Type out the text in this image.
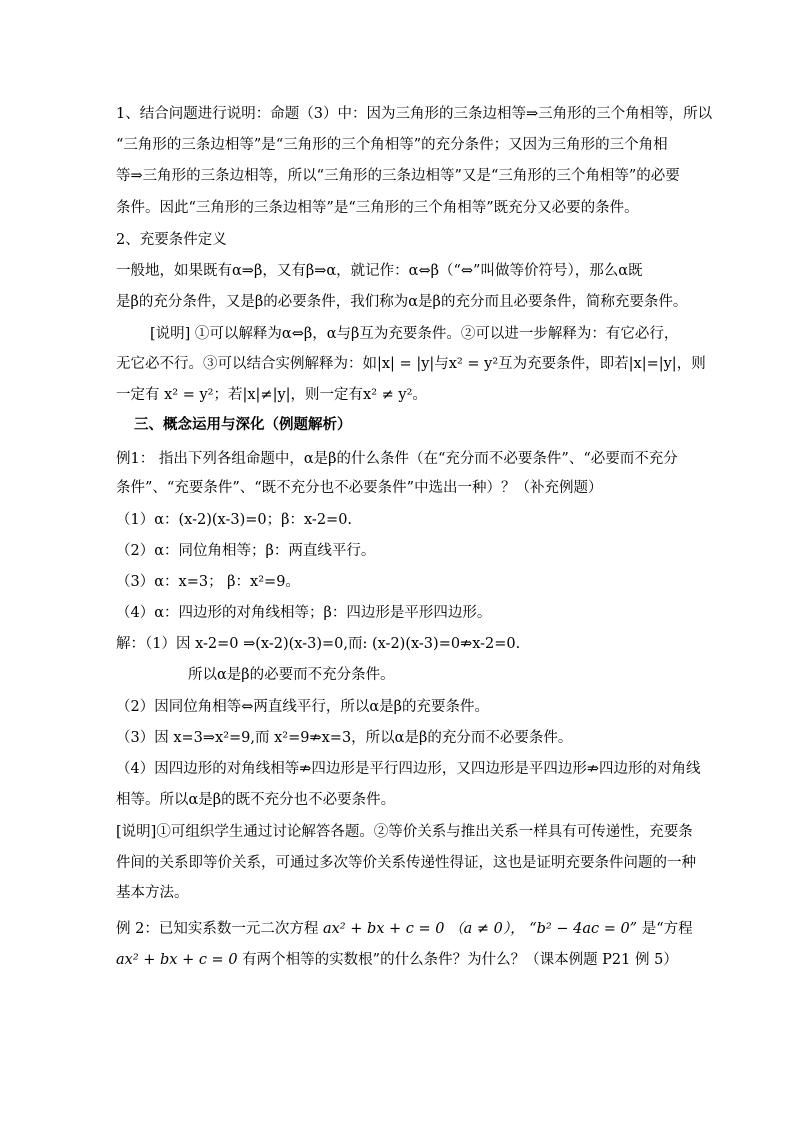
1、结合问题进行说明：命题（3）中：因为三角形的三条边相等⇒三角形的三个角相等，所以
“三角形的三条边相等”是“三角形的三个角相等”的充分条件；又因为三角形的三个角相
等⇒三角形的三条边相等，所以“三角形的三条边相等”又是“三角形的三个角相等”的必要
条件。因此“三角形的三条边相等”是“三角形的三个角相等”既充分又必要的条件。
2、充要条件定义
一般地，如果既有α⇒β，又有β⇒α，就记作：α⇔β（“⇔”叫做等价符号），那么α既
是β的充分条件，又是β的必要条件，我们称为α是β的充分而且必要条件，简称充要条件。
[说明] ①可以解释为α⇔β，α与β互为充要条件。②可以进一步解释为：有它必行，
无它必不行。③可以结合实例解释为：如|x| = |y|与x² = y²互为充要条件，即若|x|=|y|，则
一定有 x² = y²；若|x|≠|y|，则一定有x² ≠ y²。
三、概念运用与深化（例题解析）
例1： 指出下列各组命题中，α是β的什么条件（在“充分而不必要条件”、“必要而不充分
条件”、“充要条件”、“既不充分也不必要条件”中选出一种）？（补充例题）
（1）α：(x-2)(x-3)=0；β：x-2=0.
（2）α：同位角相等；β：两直线平行。
（3）α：x=3； β：x²=9。
（4）α：四边形的对角线相等；β：四边形是平形四边形。
解：（1）因 x-2=0 ⇒(x-2)(x-3)=0,而: (x-2)(x-3)=0⇏x-2=0.
所以α是β的必要而不充分条件。
（2）因同位角相等⇔两直线平行，所以α是β的充要条件。
（3）因 x=3⇒x²=9,而 x²=9⇏x=3，所以α是β的充分而不必要条件。
（4）因四边形的对角线相等⇏四边形是平行四边形，又四边形是平四边形⇏四边形的对角线
相等。所以α是β的既不充分也不必要条件。
[说明]①可组织学生通过讨论解答各题。②等价关系与推出关系一样具有可传递性，充要条
件间的关系即等价关系，可通过多次等价关系传递性得证，这也是证明充要条件问题的一种
基本方法。
例 2：已知实系数一元二次方程 ax² + bx + c = 0 （a ≠ 0）， “b² − 4ac = 0” 是“方程
ax² + bx + c = 0 有两个相等的实数根”的什么条件？为什么？（课本例题 P21 例 5）
